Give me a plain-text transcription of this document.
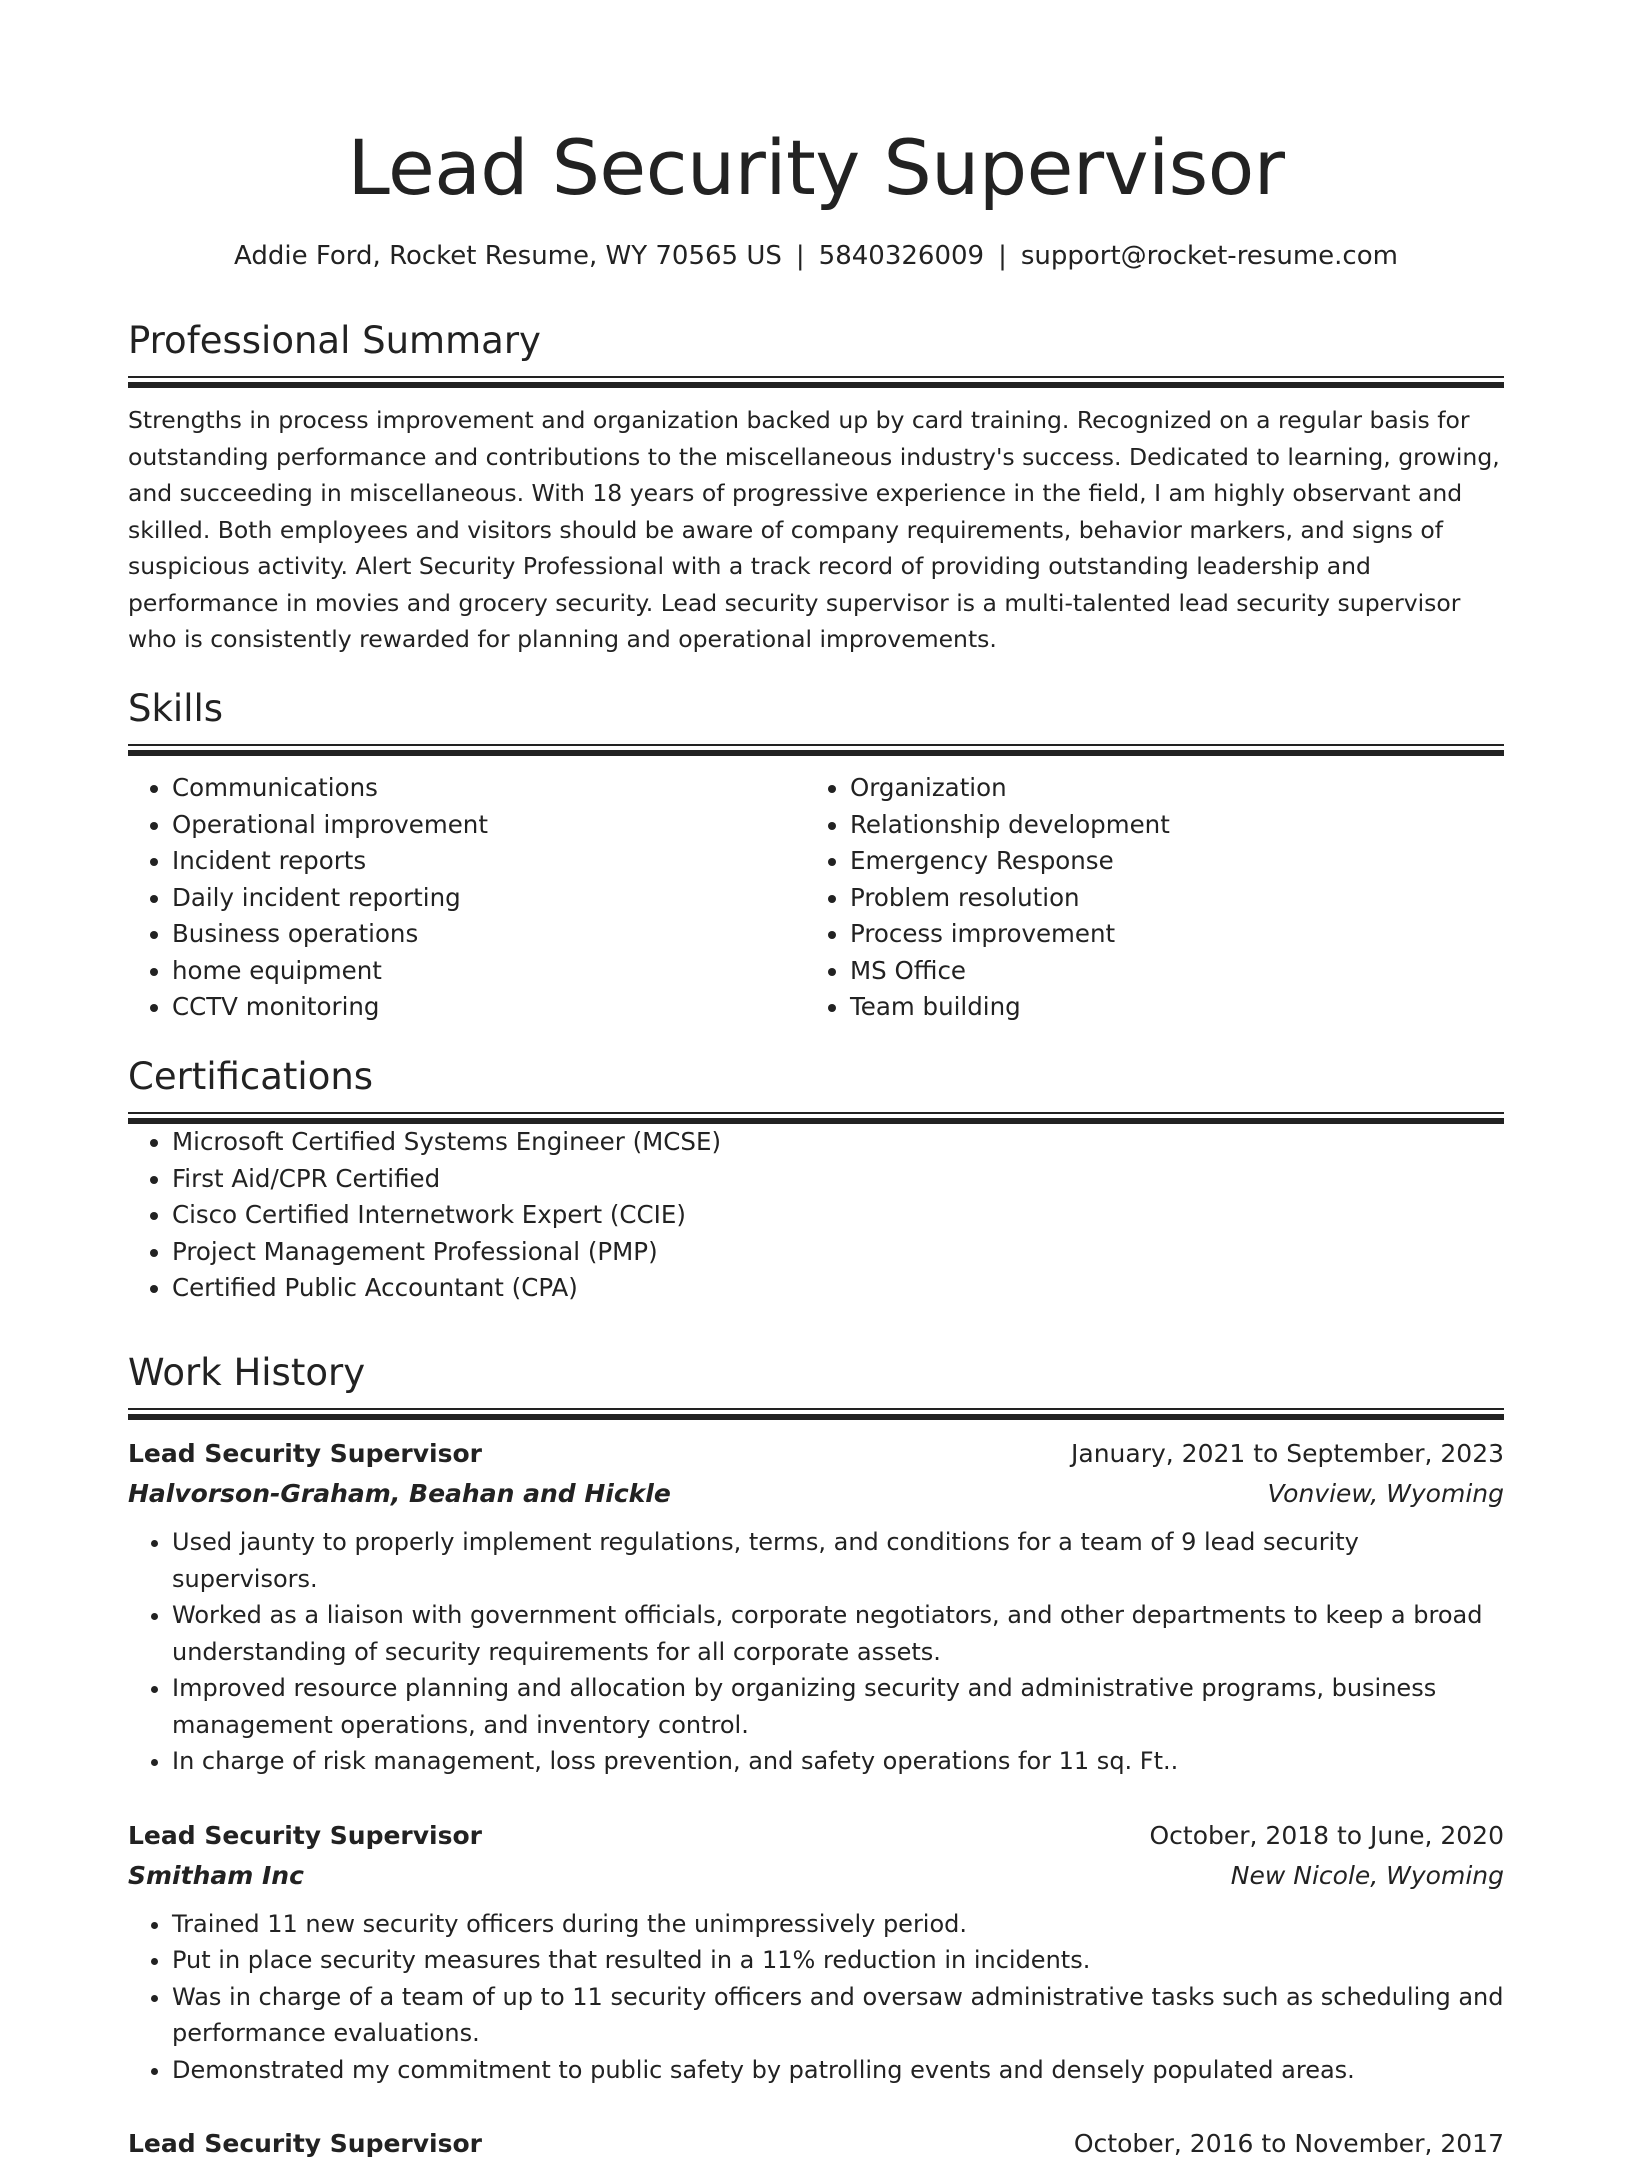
Lead Security Supervisor
Addie Ford, Rocket Resume, WY 70565 US | 5840326009 | support@rocket-resume.com
Professional Summary
Strengths in process improvement and organization backed up by card training. Recognized on a regular basis for outstanding performance and contributions to the miscellaneous industry's success. Dedicated to learning, growing, and succeeding in miscellaneous. With 18 years of progressive experience in the field, I am highly observant and skilled. Both employees and visitors should be aware of company requirements, behavior markers, and signs of suspicious activity. Alert Security Professional with a track record of providing outstanding leadership and performance in movies and grocery security. Lead security supervisor is a multi-talented lead security supervisor who is consistently rewarded for planning and operational improvements.
Skills
• Communications
• Operational improvement
• Incident reports
• Daily incident reporting
• Business operations
• home equipment
• CCTV monitoring
• Organization
• Relationship development
• Emergency Response
• Problem resolution
• Process improvement
• MS Office
• Team building
Certifications
• Microsoft Certified Systems Engineer (MCSE)
• First Aid/CPR Certified
• Cisco Certified Internetwork Expert (CCIE)
• Project Management Professional (PMP)
• Certified Public Accountant (CPA)
Work History
Lead Security Supervisor	January, 2021 to September, 2023
Halvorson-Graham, Beahan and Hickle	Vonview, Wyoming
• Used jaunty to properly implement regulations, terms, and conditions for a team of 9 lead security supervisors.
• Worked as a liaison with government officials, corporate negotiators, and other departments to keep a broad understanding of security requirements for all corporate assets.
• Improved resource planning and allocation by organizing security and administrative programs, business management operations, and inventory control.
• In charge of risk management, loss prevention, and safety operations for 11 sq. Ft..
Lead Security Supervisor	October, 2018 to June, 2020
Smitham Inc	New Nicole, Wyoming
• Trained 11 new security officers during the unimpressively period.
• Put in place security measures that resulted in a 11% reduction in incidents.
• Was in charge of a team of up to 11 security officers and oversaw administrative tasks such as scheduling and performance evaluations.
• Demonstrated my commitment to public safety by patrolling events and densely populated areas.
Lead Security Supervisor	October, 2016 to November, 2017
